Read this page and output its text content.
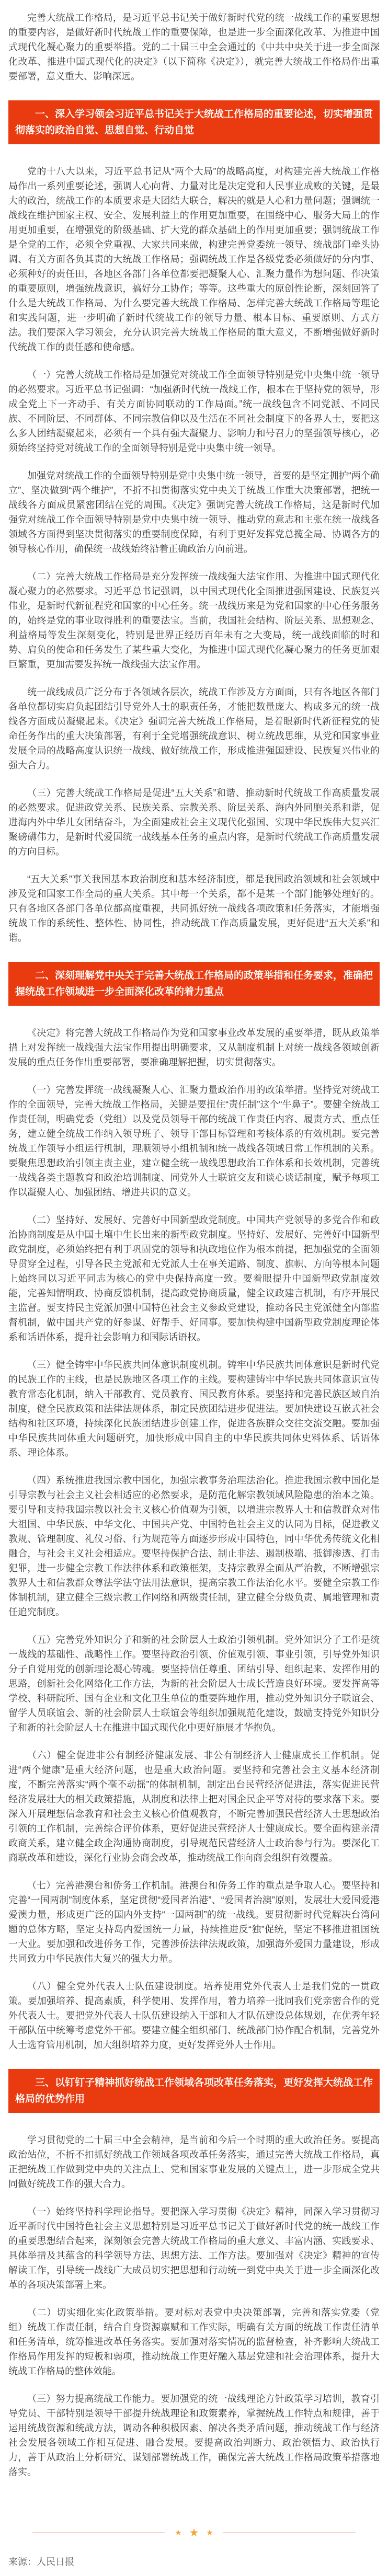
完善大统战工作格局，是习近平总书记关于做好新时代党的统一战线工作的重要思想的重要内容，是做好新时代统战工作的重要保障，也是进一步全面深化改革、为推进中国式现代化凝心聚力的重要举措。党的二十届三中全会通过的《中共中央关于进一步全面深化改革、推进中国式现代化的决定》（以下简称《决定》），就完善大统战工作格局作出重要部署，意义重大、影响深远。

一、深入学习领会习近平总书记关于大统战工作格局的重要论述，切实增强贯彻落实的政治自觉、思想自觉、行动自觉

党的十八大以来，习近平总书记从“两个大局”的战略高度，对构建完善大统战工作格局作出一系列重要论述，强调人心向背、力量对比是决定党和人民事业成败的关键，是最大的政治，统战工作的本质要求是大团结大联合，解决的就是人心和力量问题；强调统一战线在维护国家主权、安全、发展利益上的作用更加重要，在围绕中心、服务大局上的作用更加重要，在增强党的阶级基础、扩大党的群众基础上的作用更加重要；强调统战工作是全党的工作，必须全党重视、大家共同来做，构建完善党委统一领导、统战部门牵头协调、有关方面各负其责的大统战工作格局；强调统战工作是各级党委必须做好的分内事、必须种好的责任田，各地区各部门各单位都要把凝聚人心、汇聚力量作为想问题、作决策的重要原则，增强统战意识，搞好分工协作；等等。这些重大的原创性论断，深刻回答了什么是大统战工作格局、为什么要完善大统战工作格局、怎样完善大统战工作格局等理论和实践问题，进一步明确了新时代统战工作的领导力量、根本目标、重要原则、方式方法。我们要深入学习领会，充分认识完善大统战工作格局的重大意义，不断增强做好新时代统战工作的责任感和使命感。

（一）完善大统战工作格局是加强党对统战工作全面领导特别是党中央集中统一领导的必然要求。习近平总书记强调：“加强新时代统一战线工作，根本在于坚持党的领导，形成全党上下一齐动手、有关方面协同联动的工作局面。”统一战线包含不同党派、不同民族、不同阶层、不同群体、不同宗教信仰以及生活在不同社会制度下的各界人士，要把这么多人团结凝聚起来，必须有一个具有强大凝聚力、影响力和号召力的坚强领导核心，必须始终坚持党对统战工作的全面领导特别是党中央集中统一领导。

加强党对统战工作的全面领导特别是党中央集中统一领导，首要的是坚定拥护“两个确立”、坚决做到“两个维护”，不折不扣贯彻落实党中央关于统战工作重大决策部署，把统一战线各方面成员紧密团结在党的周围。《决定》强调完善大统战工作格局，这是新时代加强党对统战工作全面领导特别是党中央集中统一领导、推动党的意志和主张在统一战线各领域各方面得到坚决贯彻落实的重要制度保障，有利于更好发挥党总揽全局、协调各方的领导核心作用，确保统一战线始终沿着正确政治方向前进。

（二）完善大统战工作格局是充分发挥统一战线强大法宝作用、为推进中国式现代化凝心聚力的必然要求。习近平总书记强调，以中国式现代化全面推进强国建设、民族复兴伟业，是新时代新征程党和国家的中心任务。统一战线历来是为党和国家的中心任务服务的，始终是党的事业取得胜利的重要法宝。当前，我国社会结构、阶层关系、思想观念、利益格局等发生深刻变化，特别是世界正经历百年未有之大变局，统一战线面临的时和势、肩负的使命和任务发生了某些重大变化，为推进中国式现代化凝心聚力的任务更加艰巨繁重，更加需要发挥统一战线强大法宝作用。

统一战线成员广泛分布于各领域各层次，统战工作涉及方方面面，只有各地区各部门各单位都切实肩负起团结引导党外人士的职责任务，才能把数量庞大、构成多元的统一战线各方面成员凝聚起来。《决定》强调完善大统战工作格局，是着眼新时代新征程党的使命任务作出的重大决策部署，有利于全党增强统战意识、树立统战思维，从党和国家事业发展全局的战略高度认识统一战线、做好统战工作，形成推进强国建设、民族复兴伟业的强大合力。

（三）完善大统战工作格局是促进“五大关系”和谐、推动新时代统战工作高质量发展的必然要求。促进政党关系、民族关系、宗教关系、阶层关系、海内外同胞关系和谐，促进海内外中华儿女团结奋斗，为全面建成社会主义现代化强国、实现中华民族伟大复兴汇聚磅礴伟力，是新时代爱国统一战线基本任务的重点内容，是新时代统战工作高质量发展的方向目标。

“五大关系”事关我国基本政治制度和基本经济制度，都是我国政治领域和社会领域中涉及党和国家工作全局的重大关系。其中每一个关系，都不是某一个部门能够处理好的。只有各地区各部门各单位都高度重视，共同抓好统一战线各项政策和任务落实，才能增强统战工作的系统性、整体性、协同性，推动统战工作高质量发展，更好促进“五大关系”和谐。

二、深刻理解党中央关于完善大统战工作格局的政策举措和任务要求，准确把握统战工作领域进一步全面深化改革的着力重点

《决定》将完善大统战工作格局作为党和国家事业改革发展的重要举措，既从政策举措上对发挥统一战线强大法宝作用提出明确要求，又从制度机制上对统一战线各领域创新发展的重点任务作出重要部署，要准确理解把握，切实贯彻落实。

（一）完善发挥统一战线凝聚人心、汇聚力量政治作用的政策举措。坚持党对统战工作的全面领导，完善大统战工作格局，关键是要扭住“责任制”这个“牛鼻子”。要健全统战工作责任制，明确党委（党组）以及党员领导干部的统战工作责任内容、履责方式、重点任务，建立健全统战工作纳入领导班子、领导干部目标管理和考核体系的有效机制。要完善统战工作领导小组运行机制，理顺领导小组机制和统一战线各领域日常工作机制的关系。要聚焦思想政治引领主责主业，建立健全统一战线思想政治工作体系和长效机制，完善统一战线各类主题教育和政治培训制度、同党外人士联谊交友和谈心谈话制度，赋予每项工作以凝聚人心、加强团结、增进共识的意义。

（二）坚持好、发展好、完善好中国新型政党制度。中国共产党领导的多党合作和政治协商制度是从中国土壤中生长出来的新型政党制度。坚持好、发展好、完善好中国新型政党制度，必须始终把有利于巩固党的领导和执政地位作为根本前提，把加强党的全面领导贯穿全过程，引导各民主党派和无党派人士在事关道路、制度、旗帜、方向等根本问题上始终同以习近平同志为核心的党中央保持高度一致。要着眼提升中国新型政党制度效能，完善知情明政、协商反馈机制，提高政党协商质量，健全议政建言机制，有序开展民主监督。要支持民主党派加强中国特色社会主义参政党建设，推动各民主党派健全内部监督机制，做中国共产党的好参谋、好帮手、好同事。要加快构建中国新型政党制度理论体系和话语体系，提升社会影响力和国际话语权。

（三）健全铸牢中华民族共同体意识制度机制。铸牢中华民族共同体意识是新时代党的民族工作的主线，也是民族地区各项工作的主线。要构建铸牢中华民族共同体意识宣传教育常态化机制，纳入干部教育、党员教育、国民教育体系。要坚持和完善民族区域自治制度，健全民族政策和法律法规体系，制定民族团结进步促进法。要加快建设互嵌式社会结构和社区环境，持续深化民族团结进步创建工作，促进各族群众交往交流交融。要加强中华民族共同体重大问题研究，加快形成中国自主的中华民族共同体史料体系、话语体系、理论体系。

（四）系统推进我国宗教中国化，加强宗教事务治理法治化。推进我国宗教中国化是引导宗教与社会主义社会相适应的必然要求，是防范化解宗教领域风险隐患的治本之策。要引导和支持我国宗教以社会主义核心价值观为引领，以增进宗教界人士和信教群众对伟大祖国、中华民族、中华文化、中国共产党、中国特色社会主义的认同为目标，促进教义教规、管理制度、礼仪习俗、行为规范等方面逐步形成中国特色，同中华优秀传统文化相融合，与社会主义社会相适应。要坚持保护合法、制止非法、遏制极端、抵御渗透、打击犯罪，进一步健全宗教工作法律体系和政策框架，支持宗教界全面从严治教，不断增强宗教界人士和信教群众尊法学法守法用法意识，提高宗教工作法治化水平。要健全宗教工作体制机制，建立健全三级宗教工作网络和两级责任制，建立健全分级负责、属地管理和责任追究制度。

（五）完善党外知识分子和新的社会阶层人士政治引领机制。党外知识分子工作是统一战线的基础性、战略性工作。要坚持政治引领、价值观引领、事业引领，引导党外知识分子自觉用党的创新理论凝心铸魂。要坚持信任尊重、团结引导、组织起来、发挥作用的思路，创新社会化网络化工作方法，为新的社会阶层人士成长营造良好环境。要发挥高等学校、科研院所、国有企业和文化卫生单位的重要阵地作用，推动党外知识分子联谊会、留学人员联谊会、新的社会阶层人士联谊会等组织加强规范化建设，鼓励支持党外知识分子和新的社会阶层人士在推进中国式现代化中更好施展才华抱负。

（六）健全促进非公有制经济健康发展、非公有制经济人士健康成长工作机制。促进“两个健康”是重大经济问题，也是重大政治问题。要坚持和完善社会主义基本经济制度，不断完善落实“两个毫不动摇”的体制机制，制定出台民营经济促进法，落实促进民营经济发展壮大的相关政策措施，从制度和法律上把对国企民企平等对待的要求落下来。要深入开展理想信念教育和社会主义核心价值观教育，不断完善加强民营经济人士思想政治引领的工作机制，完善综合评价体系，更好促进民营经济人士健康成长。要全面构建亲清政商关系，建立健全政企沟通协商制度，引导规范民营经济人士政治参与行为。要深化工商联改革和建设，深化行业协会商会改革，推动统战工作向商会组织有效覆盖。

（七）完善港澳台和侨务工作机制。港澳台和侨务工作的重点是争取人心。要坚持和完善“一国两制”制度体系，坚定贯彻“爱国者治港”、“爱国者治澳”原则，发展壮大爱国爱港爱澳力量，形成更广泛的国内外支持“一国两制”的统一战线。要贯彻新时代党解决台湾问题的总体方略，坚定支持岛内爱国统一力量，持续推进反“独”促统，坚定不移推进祖国统一大业。要加强和改进侨务工作，完善涉侨法律法规政策，加强海外爱国力量建设，形成共同致力中华民族伟大复兴的强大力量。

（八）健全党外代表人士队伍建设制度。培养使用党外代表人士是我们党的一贯政策。要加强培养、提高素质，科学使用、发挥作用，着力培养一批同我们党亲密合作的党外代表人士。要把党外代表人士队伍建设纳入干部和人才队伍建设总体规划，在优秀年轻干部队伍中统筹考虑党外干部。要建立健全组织部门、统战部门协作配合机制，完善党外人士选育管用机制，加大组织培养力度，更好发挥党外人士作用。

三、以钉钉子精神抓好统战工作领域各项改革任务落实，更好发挥大统战工作格局的优势作用

学习贯彻党的二十届三中全会精神，是当前和今后一个时期的重大政治任务。要提高政治站位，不折不扣抓好统战工作领域各项改革任务落实，通过完善大统战工作格局，真正把统战工作做到党中央的关注点上、党和国家事业发展的关键点上，进一步形成全党共同做好统战工作的强大合力。

（一）始终坚持科学理论指导。要把深入学习贯彻《决定》精神，同深入学习贯彻习近平新时代中国特色社会主义思想特别是习近平总书记关于做好新时代党的统一战线工作的重要思想结合起来，深刻领会完善大统战工作格局的重大意义、丰富内涵、实践要求、具体举措及其蕴含的科学领导方法、思想方法、工作方法。要加强对《决定》精神的宣传解读工作，引导统一战线广大成员切实把思想和行动统一到党中央关于进一步全面深化改革的各项决策部署上来。

（二）切实细化实化政策举措。要对标对表党中央决策部署，完善和落实党委（党组）统战工作责任制，结合自身资源禀赋和工作实际，明确有关方面的统战工作责任清单和任务清单，统筹推进改革任务落实。要加强对落实情况的监督检查，补齐影响大统战工作格局作用发挥的短板和弱项，推动统战工作更好融入基层党建和社会治理体系，提升大统战工作格局的整体效能。

（三）努力提高统战工作能力。要加强党的统一战线理论方针政策学习培训，教育引导党员、干部特别是领导干部提升统战理论和政策素养，掌握统战工作特点和规律，善于运用统战资源和统战方法，调动各种积极因素、解决各类矛盾问题，推动统战工作与经济社会发展各领域工作相互促进、融合发展。要提高政治判断力、政治领悟力、政治执行力，善于从政治上分析研究、谋划部署统战工作，确保完善大统战工作格局政策举措落地落实。

★ ★ ★
来源：人民日报
